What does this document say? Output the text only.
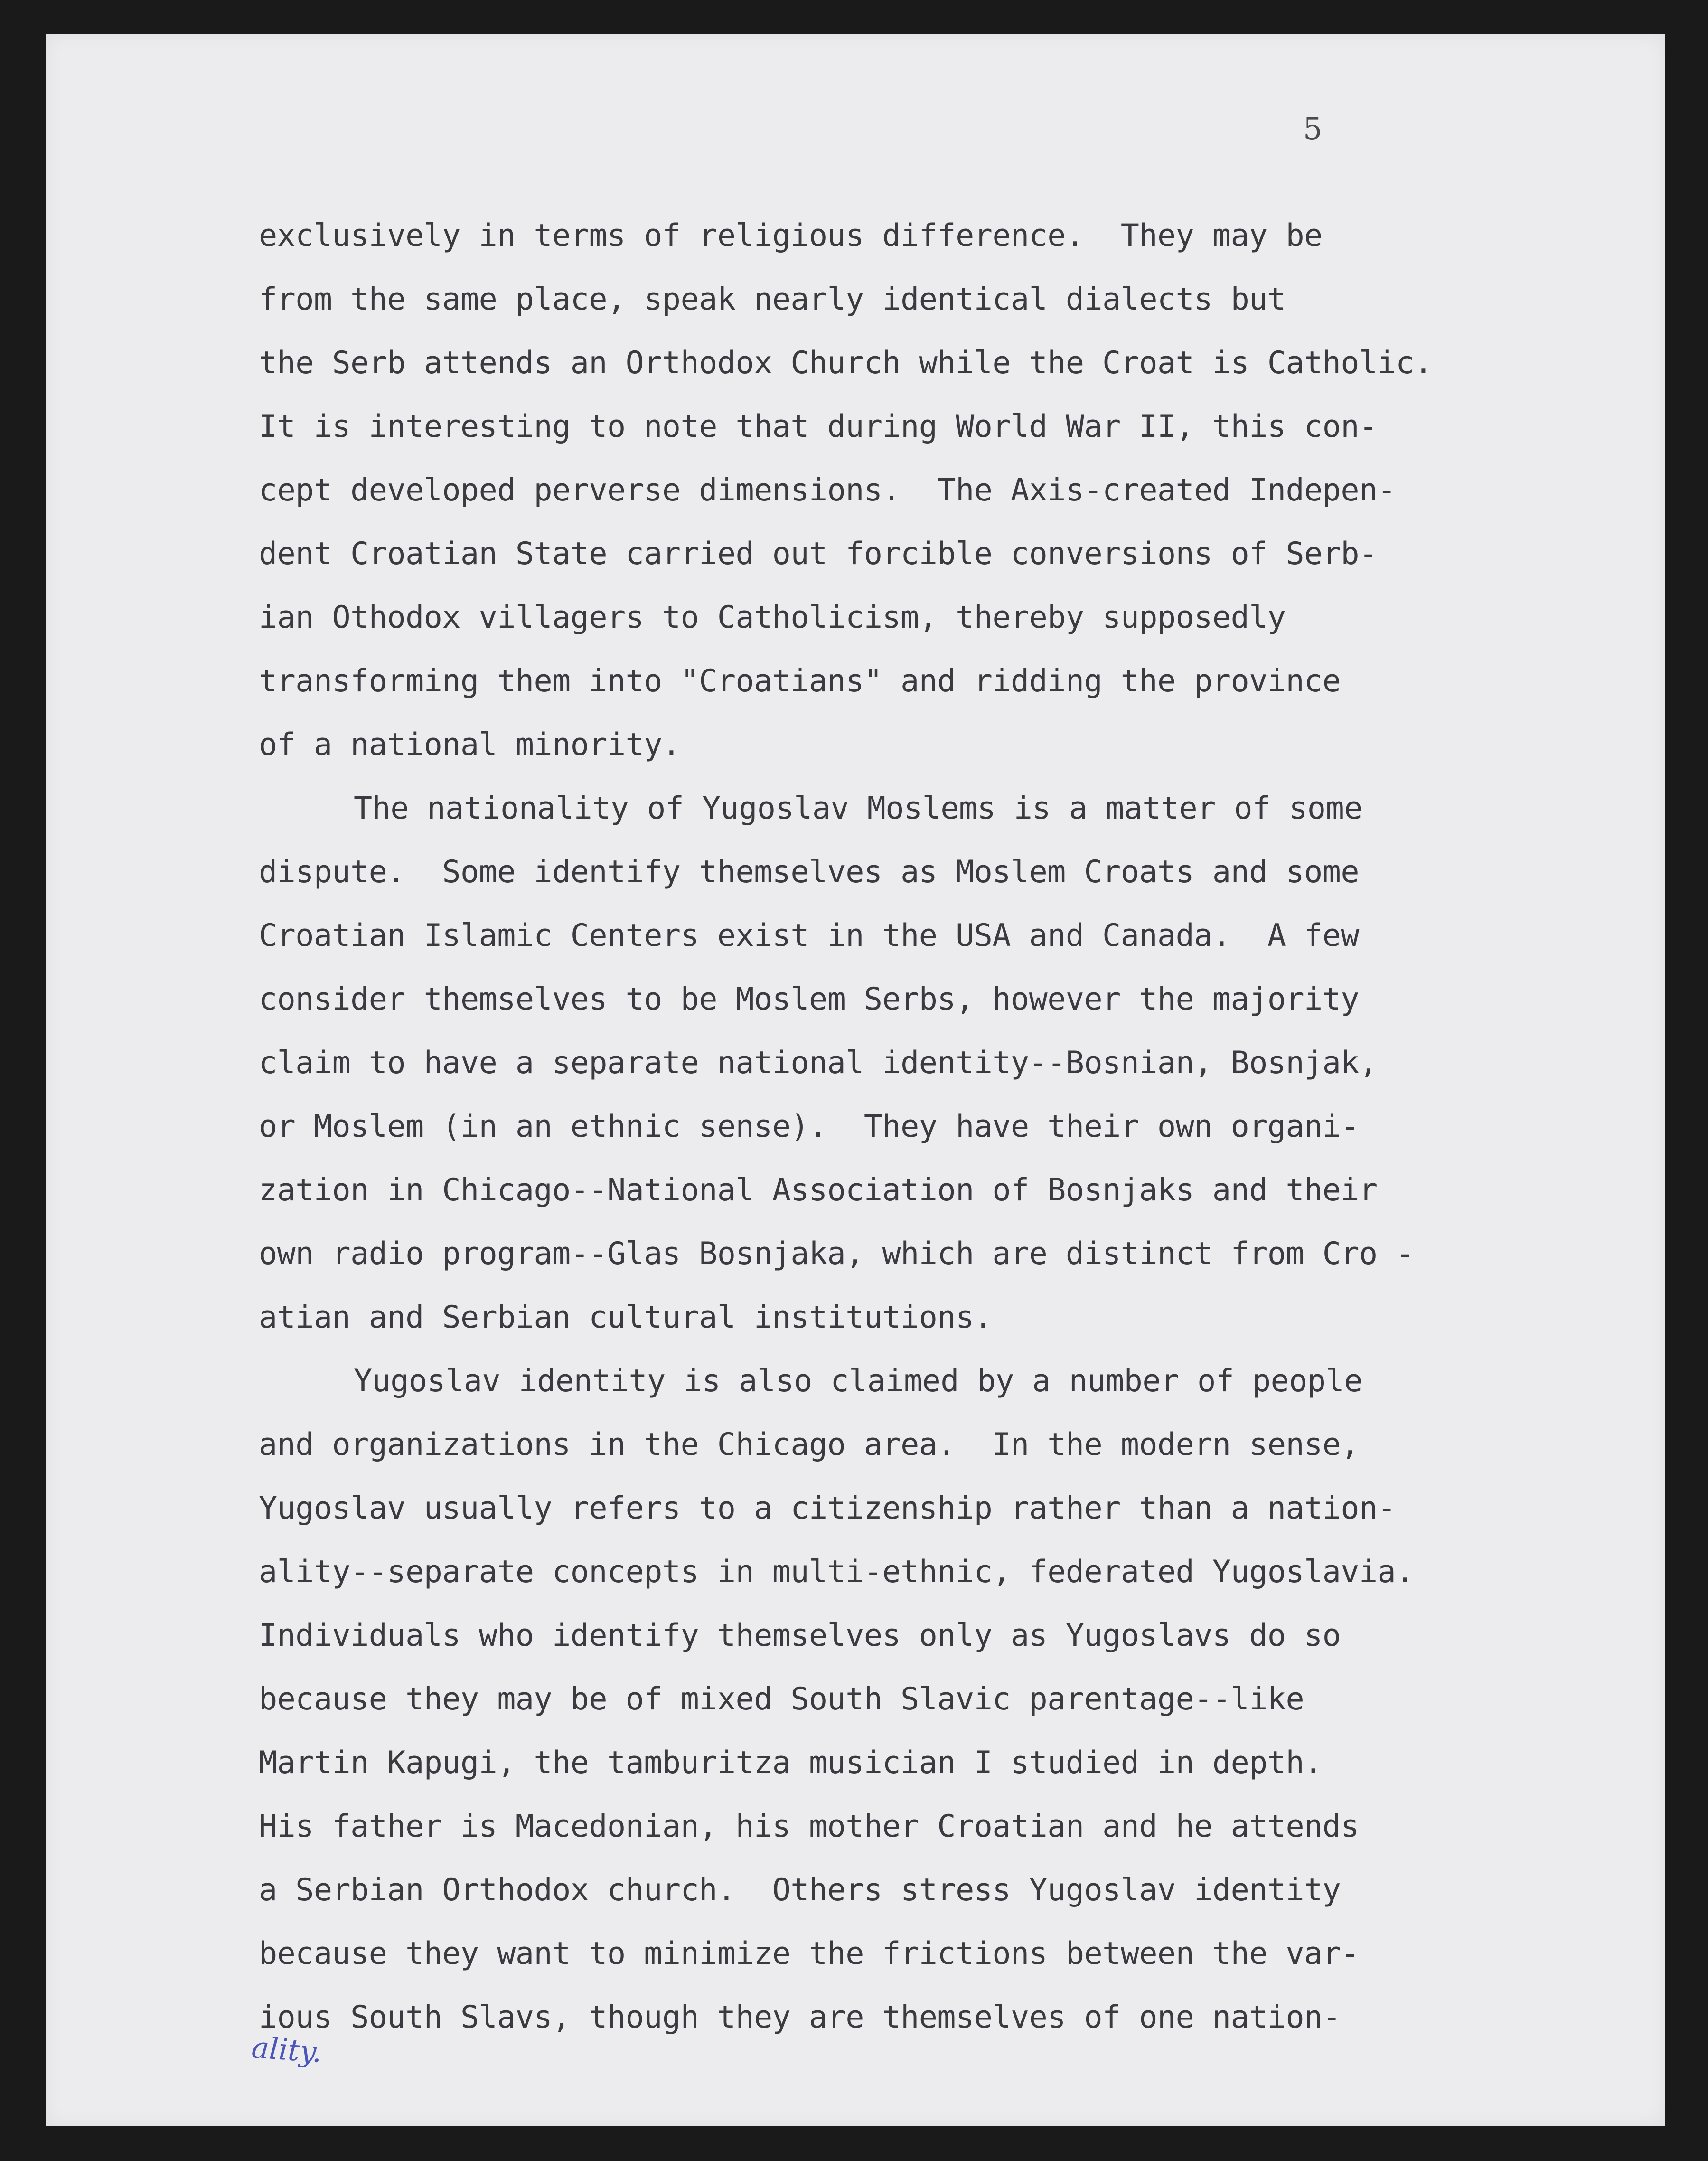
5
exclusively in terms of religious difference.  They may be
from the same place, speak nearly identical dialects but
the Serb attends an Orthodox Church while the Croat is Catholic.
It is interesting to note that during World War II, this con-
cept developed perverse dimensions.  The Axis-created Indepen-
dent Croatian State carried out forcible conversions of Serb-
ian Othodox villagers to Catholicism, thereby supposedly
transforming them into "Croatians" and ridding the province
of a national minority.
The nationality of Yugoslav Moslems is a matter of some
dispute.  Some identify themselves as Moslem Croats and some
Croatian Islamic Centers exist in the USA and Canada.  A few
consider themselves to be Moslem Serbs, however the majority
claim to have a separate national identity--Bosnian, Bosnjak,
or Moslem (in an ethnic sense).  They have their own organi-
zation in Chicago--National Association of Bosnjaks and their
own radio program--Glas Bosnjaka, which are distinct from Cro -
atian and Serbian cultural institutions.
Yugoslav identity is also claimed by a number of people
and organizations in the Chicago area.  In the modern sense,
Yugoslav usually refers to a citizenship rather than a nation-
ality--separate concepts in multi-ethnic, federated Yugoslavia.
Individuals who identify themselves only as Yugoslavs do so
because they may be of mixed South Slavic parentage--like
Martin Kapugi, the tamburitza musician I studied in depth.
His father is Macedonian, his mother Croatian and he attends
a Serbian Orthodox church.  Others stress Yugoslav identity
because they want to minimize the frictions between the var-
ious South Slavs, though they are themselves of one nation-
ality.
